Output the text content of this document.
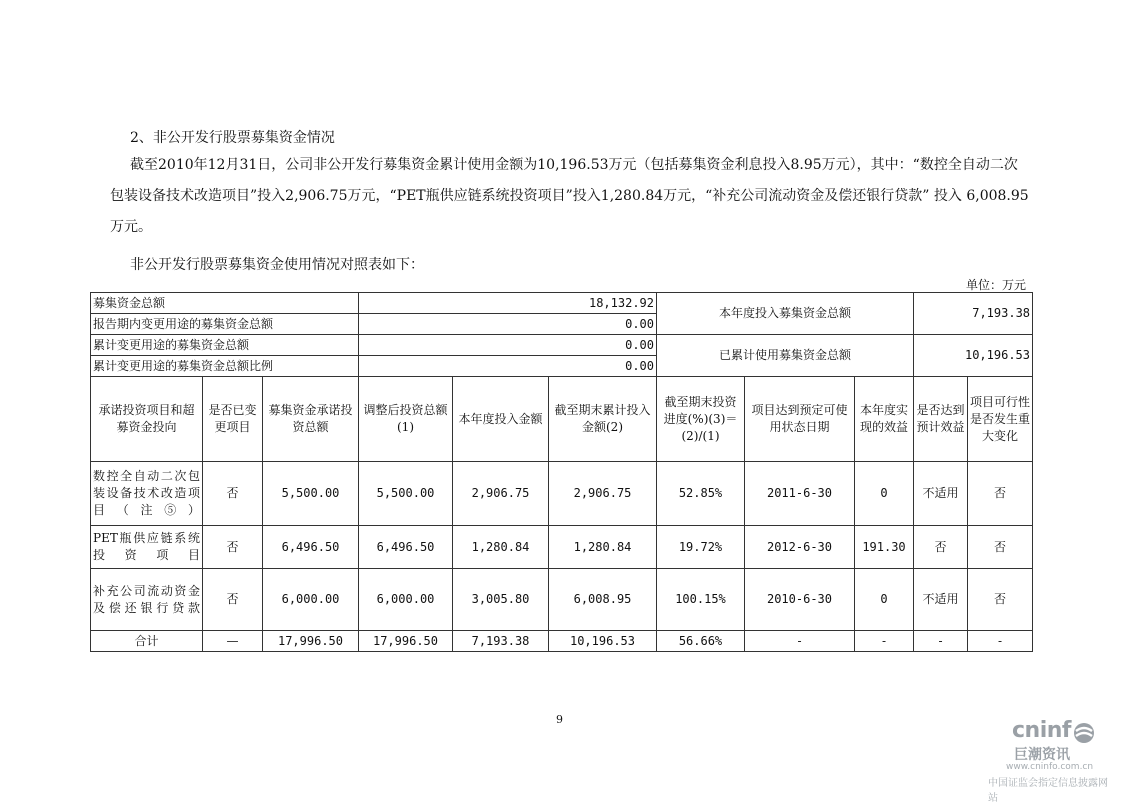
2、非公开发行股票募集资金情况
截至2010年12月31日，公司非公开发行募集资金累计使用金额为10,196.53万元（包括募集资金利息投入8.95万元），其中：“数控全自动二次包装设备技术改造项目”投入2,906.75万元，“PET瓶供应链系统投资项目”投入1,280.84万元，“补充公司流动资金及偿还银行贷款” 投入 6,008.95万元。
非公开发行股票募集资金使用情况对照表如下：
单位：万元
募集资金总额			18,132.92			本年度投入募集资金总额			7,193.38	
报告期内变更用途的募集资金总额			0.00							
累计变更用途的募集资金总额			0.00			已累计使用募集资金总额			10,196.53	
累计变更用途的募集资金总额比例			0.00							
承诺投资项目和超募资金投向	是否已变更项目	募集资金承诺投资总额	调整后投资总额(1)	本年度投入金额	截至期末累计投入金额(2)	截至期末投资进度(%)(3)＝(2)/(1)	项目达到预定可使用状态日期	本年度实现的效益	是否达到预计效益	项目可行性是否发生重大变化
数控全自动二次包装设备技术改造项目（注⑤）	否	5,500.00	5,500.00	2,906.75	2,906.75	52.85%	2011-6-30	0	不适用	否
PET瓶供应链系统投资项目	否	6,496.50	6,496.50	1,280.84	1,280.84	19.72%	2012-6-30	191.30	否	否
补充公司流动资金及偿还银行贷款	否	6,000.00	6,000.00	3,005.80	6,008.95	100.15%	2010-6-30	0	不适用	否
合计	—	17,996.50	17,996.50	7,193.38	10,196.53	56.66%	-	-	-	-
9	cninf
巨潮资讯
www.cninfo.com.cn
中国证监会指定信息披露网站
